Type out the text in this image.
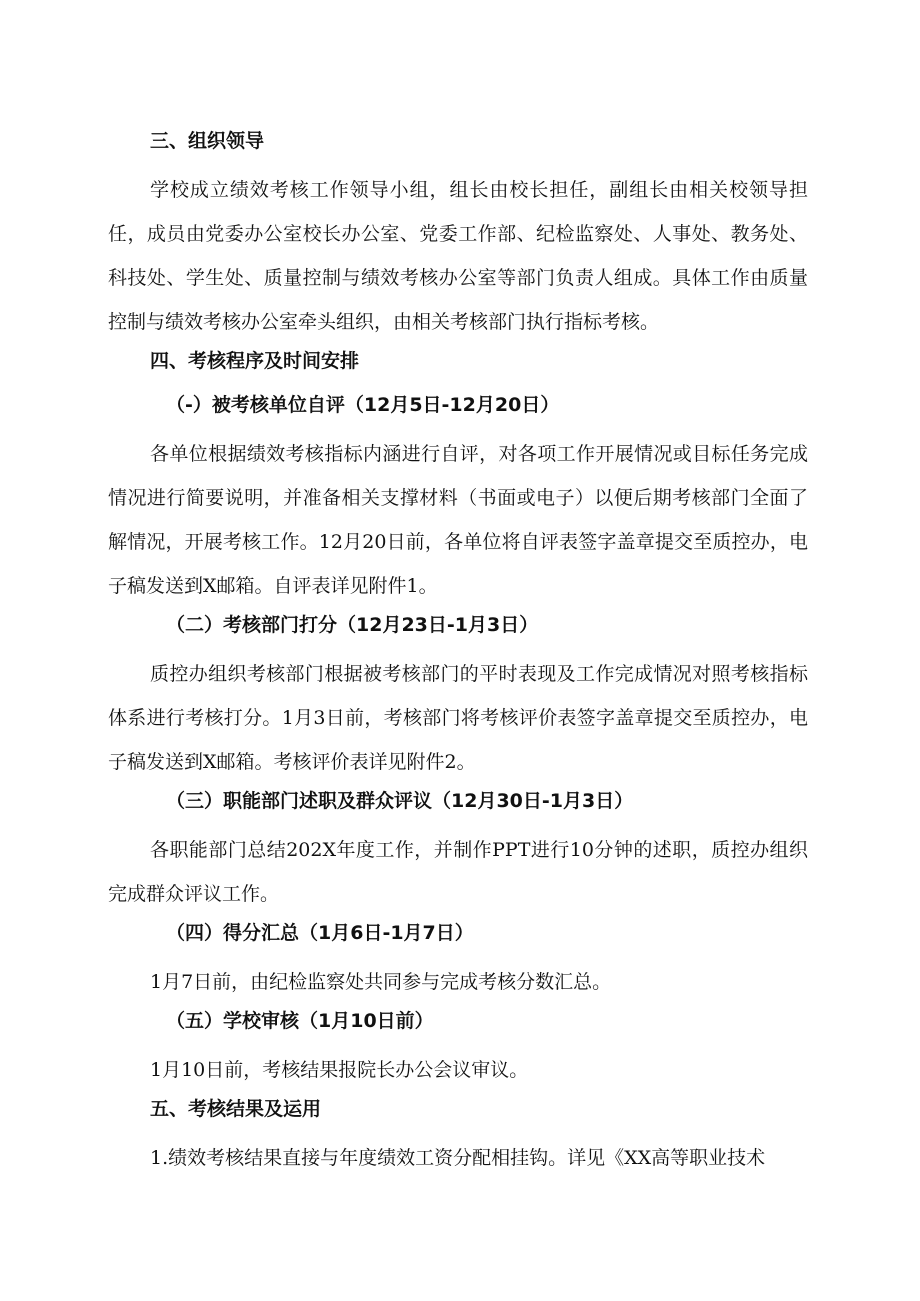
三、组织领导

学校成立绩效考核工作领导小组，组长由校长担任，副组长由相关校领导担任，成员由党委办公室校长办公室、党委工作部、纪检监察处、人事处、教务处、科技处、学生处、质量控制与绩效考核办公室等部门负责人组成。具体工作由质量控制与绩效考核办公室牵头组织，由相关考核部门执行指标考核。

四、考核程序及时间安排
（-）被考核单位自评（12月5日-12月20日）

各单位根据绩效考核指标内涵进行自评，对各项工作开展情况或目标任务完成情况进行简要说明，并准备相关支撑材料（书面或电子）以便后期考核部门全面了解情况，开展考核工作。12月20日前，各单位将自评表签字盖章提交至质控办，电子稿发送到X邮箱。自评表详见附件1。

（二）考核部门打分（12月23日-1月3日）

质控办组织考核部门根据被考核部门的平时表现及工作完成情况对照考核指标体系进行考核打分。1月3日前，考核部门将考核评价表签字盖章提交至质控办，电子稿发送到X邮箱。考核评价表详见附件2。

（三）职能部门述职及群众评议（12月30日-1月3日）

各职能部门总结202X年度工作，并制作PPT进行10分钟的述职，质控办组织完成群众评议工作。

（四）得分汇总（1月6日-1月7日）

1月7日前，由纪检监察处共同参与完成考核分数汇总。

（五）学校审核（1月10日前）

1月10日前，考核结果报院长办公会议审议。

五、考核结果及运用

1.绩效考核结果直接与年度绩效工资分配相挂钩。详见《XX高等职业技术
